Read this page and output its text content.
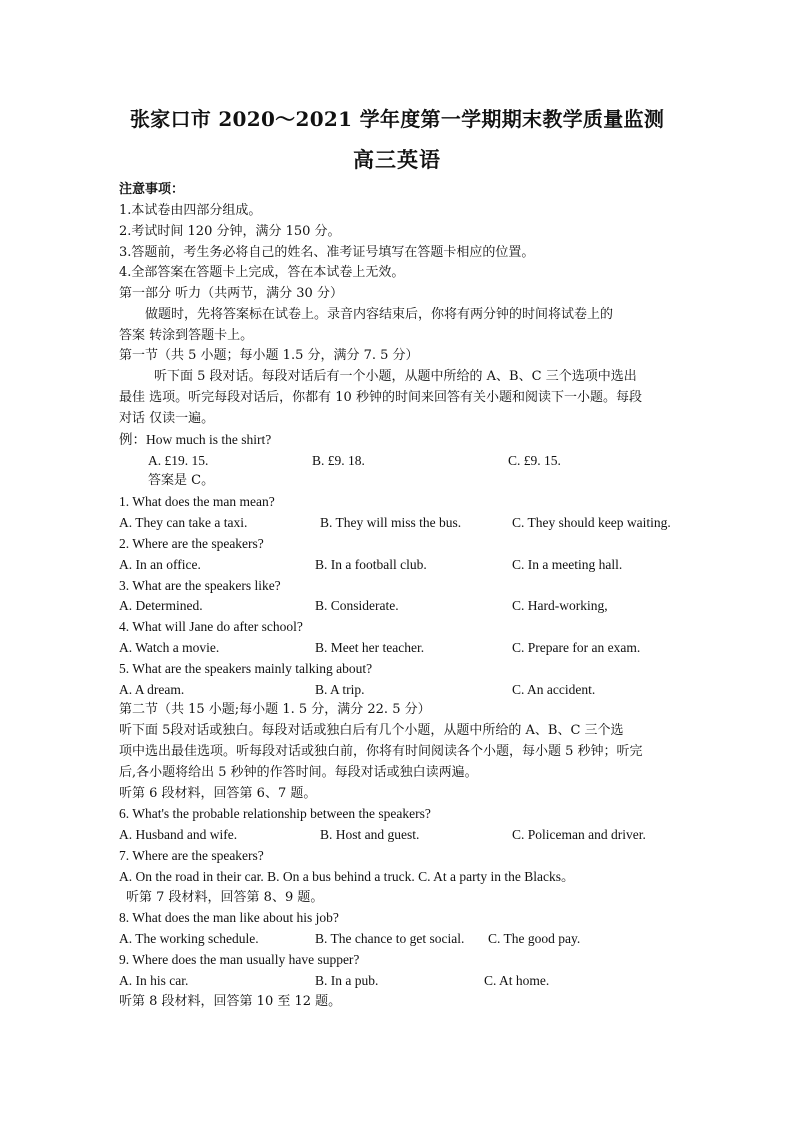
张家口市 2020～2021 学年度第一学期期末教学质量监测
高三英语
注意事项：
1.本试卷由四部分组成。
2.考试时间 120 分钟，满分 150 分。
3.答题前，考生务必将自己的姓名、准考证号填写在答题卡相应的位置。
4.全部答案在答题卡上完成，答在本试卷上无效。
第一部分 听力（共两节，满分 30 分）
做题时，先将答案标在试卷上。录音内容结束后，你将有两分钟的时间将试卷上的
答案 转涂到答题卡上。
第一节（共 5 小题；每小题 1.5 分，满分 7. 5 分）
听下面 5 段对话。每段对话后有一个小题，从题中所给的 A、B、C 三个选项中选出
最佳 选项。听完每段对话后，你都有 10 秒钟的时间来回答有关小题和阅读下一小题。每段
对话 仅读一遍。
例：How much is the shirt?
A. £19. 15.	B. £9. 18.	C. £9. 15.
答案是 C。
1. What does the man mean?
A. They can take a taxi.	B. They will miss the bus.	C. They should keep waiting.
2. Where are the speakers?
A. In an office.	B. In a football club.	C. In a meeting hall.
3. What are the speakers like?
A. Determined.	B. Considerate.	C. Hard-working,
4. What will Jane do after school?
A. Watch a movie.	B. Meet her teacher.	C. Prepare for an exam.
5. What are the speakers mainly talking about?
A. A dream.	B. A trip.	C. An accident.
第二节（共 15 小题;每小题 1. 5 分，满分 22. 5 分）
听下面 5段对话或独白。每段对话或独白后有几个小题，从题中所给的 A、B、C 三个选
项中选出最佳选项。听每段对话或独白前，你将有时间阅读各个小题，每小题 5 秒钟；听完
后,各小题将给出 5 秒钟的作答时间。每段对话或独白读两遍。
听第 6 段材料，回答第 6、7 题。
6. What's the probable relationship between the speakers?
A. Husband and wife.	B. Host and guest.	C. Policeman and driver.
7. Where are the speakers?
A. On the road in their car. B. On a bus behind a truck. C. At a party in the Blacks。
听第 7 段材料，回答第 8、9 题。
8. What does the man like about his job?
A. The working schedule.	B. The chance to get social. C. The good pay.
9. Where does the man usually have supper?
A. In his car.	B. In a pub.	C. At home.
听第 8 段材料，回答第 10 至 12 题。
